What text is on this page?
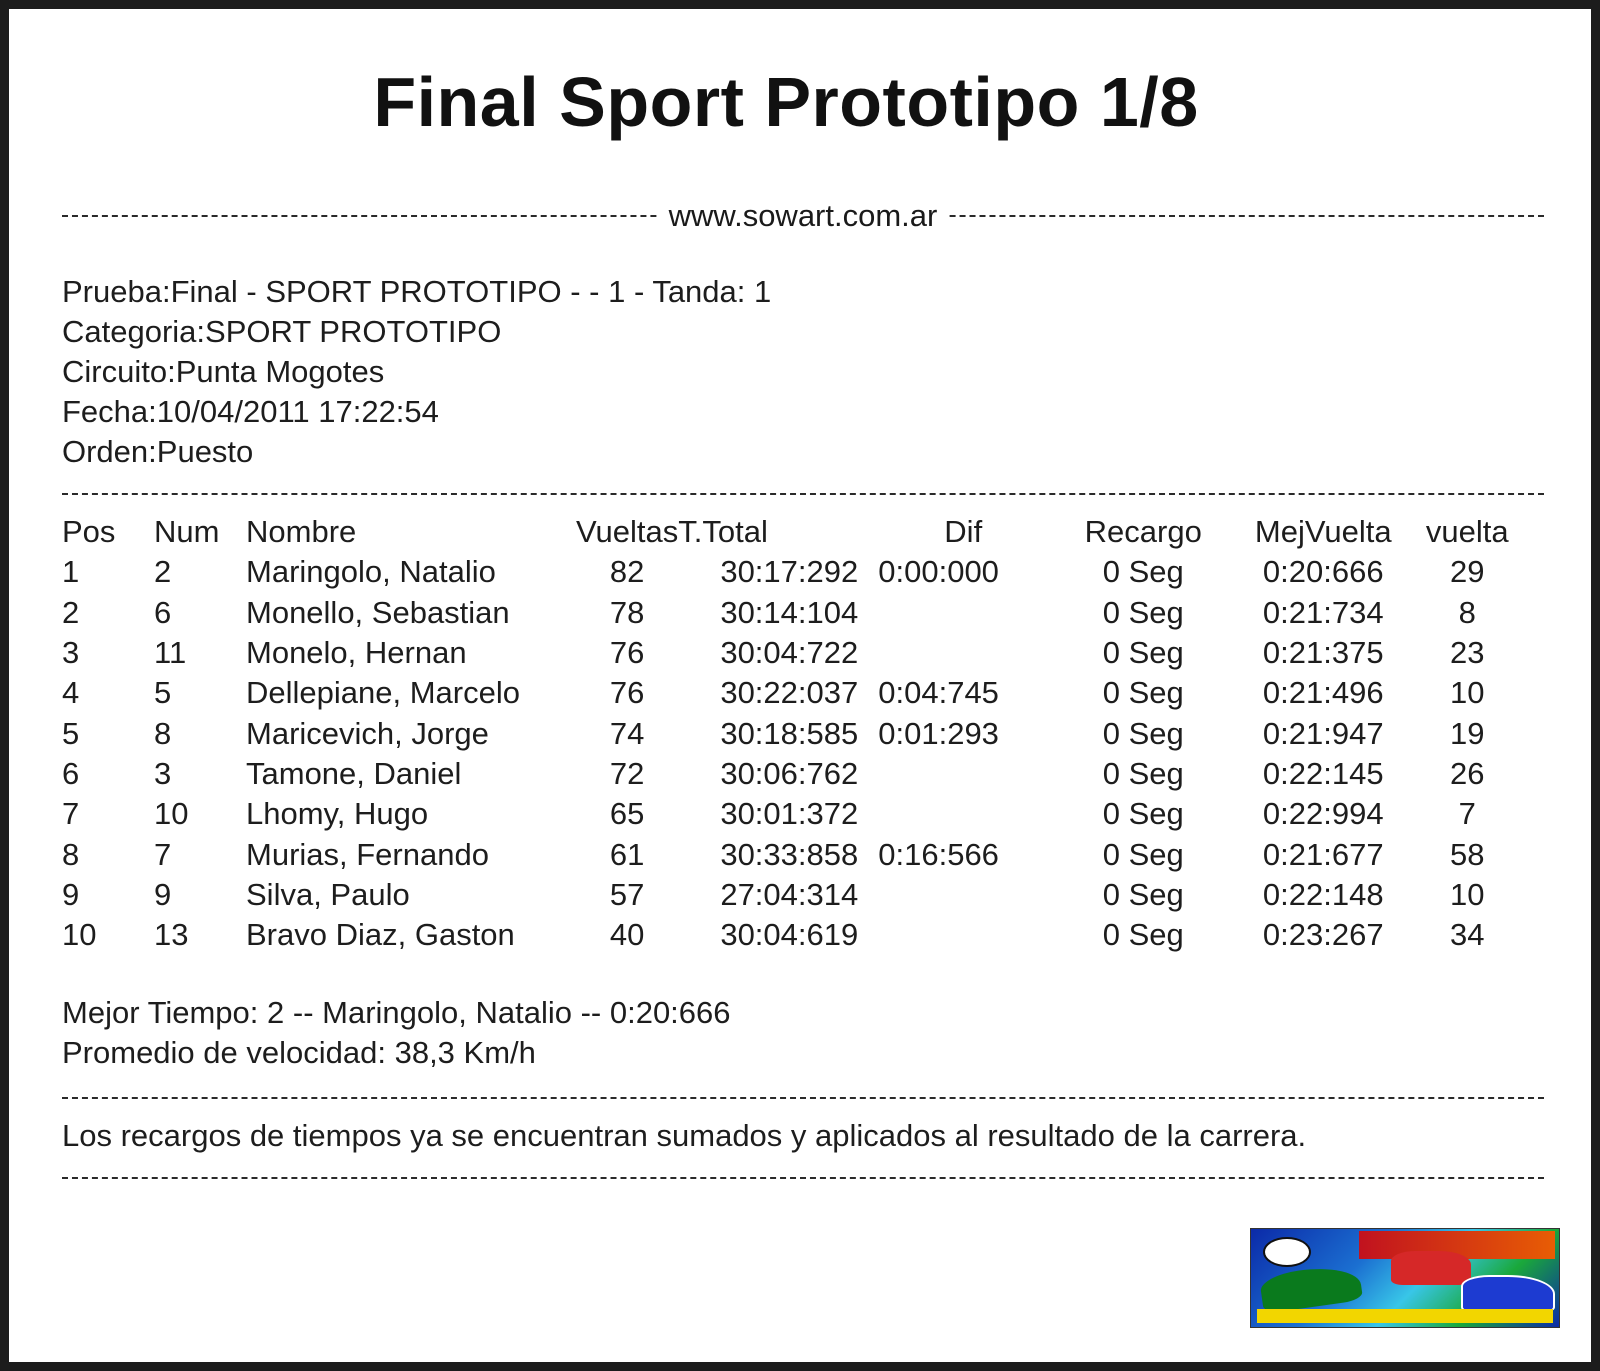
Final Sport Prototipo 1/8
www.sowart.com.ar
Prueba:Final - SPORT PROTOTIPO - - 1 - Tanda: 1
Categoria:SPORT PROTOTIPO
Circuito:Punta Mogotes
Fecha:10/04/2011 17:22:54
Orden:Puesto
Pos	Num	Nombre	Vueltas	T.Total	Dif	Recargo	MejVuelta	vuelta
1	2	Maringolo, Natalio	82	30:17:292	0:00:000	0 Seg	0:20:666	29
2	6	Monello, Sebastian	78	30:14:104		0 Seg	0:21:734	8
3	11	Monelo, Hernan	76	30:04:722		0 Seg	0:21:375	23
4	5	Dellepiane, Marcelo	76	30:22:037	0:04:745	0 Seg	0:21:496	10
5	8	Maricevich, Jorge	74	30:18:585	0:01:293	0 Seg	0:21:947	19
6	3	Tamone, Daniel	72	30:06:762		0 Seg	0:22:145	26
7	10	Lhomy, Hugo	65	30:01:372		0 Seg	0:22:994	7
8	7	Murias, Fernando	61	30:33:858	0:16:566	0 Seg	0:21:677	58
9	9	Silva, Paulo	57	27:04:314		0 Seg	0:22:148	10
10	13	Bravo Diaz, Gaston	40	30:04:619		0 Seg	0:23:267	34
Mejor Tiempo: 2 -- Maringolo, Natalio -- 0:20:666
Promedio de velocidad: 38,3 Km/h
Los recargos de tiempos ya se encuentran sumados y aplicados al resultado de la carrera.
